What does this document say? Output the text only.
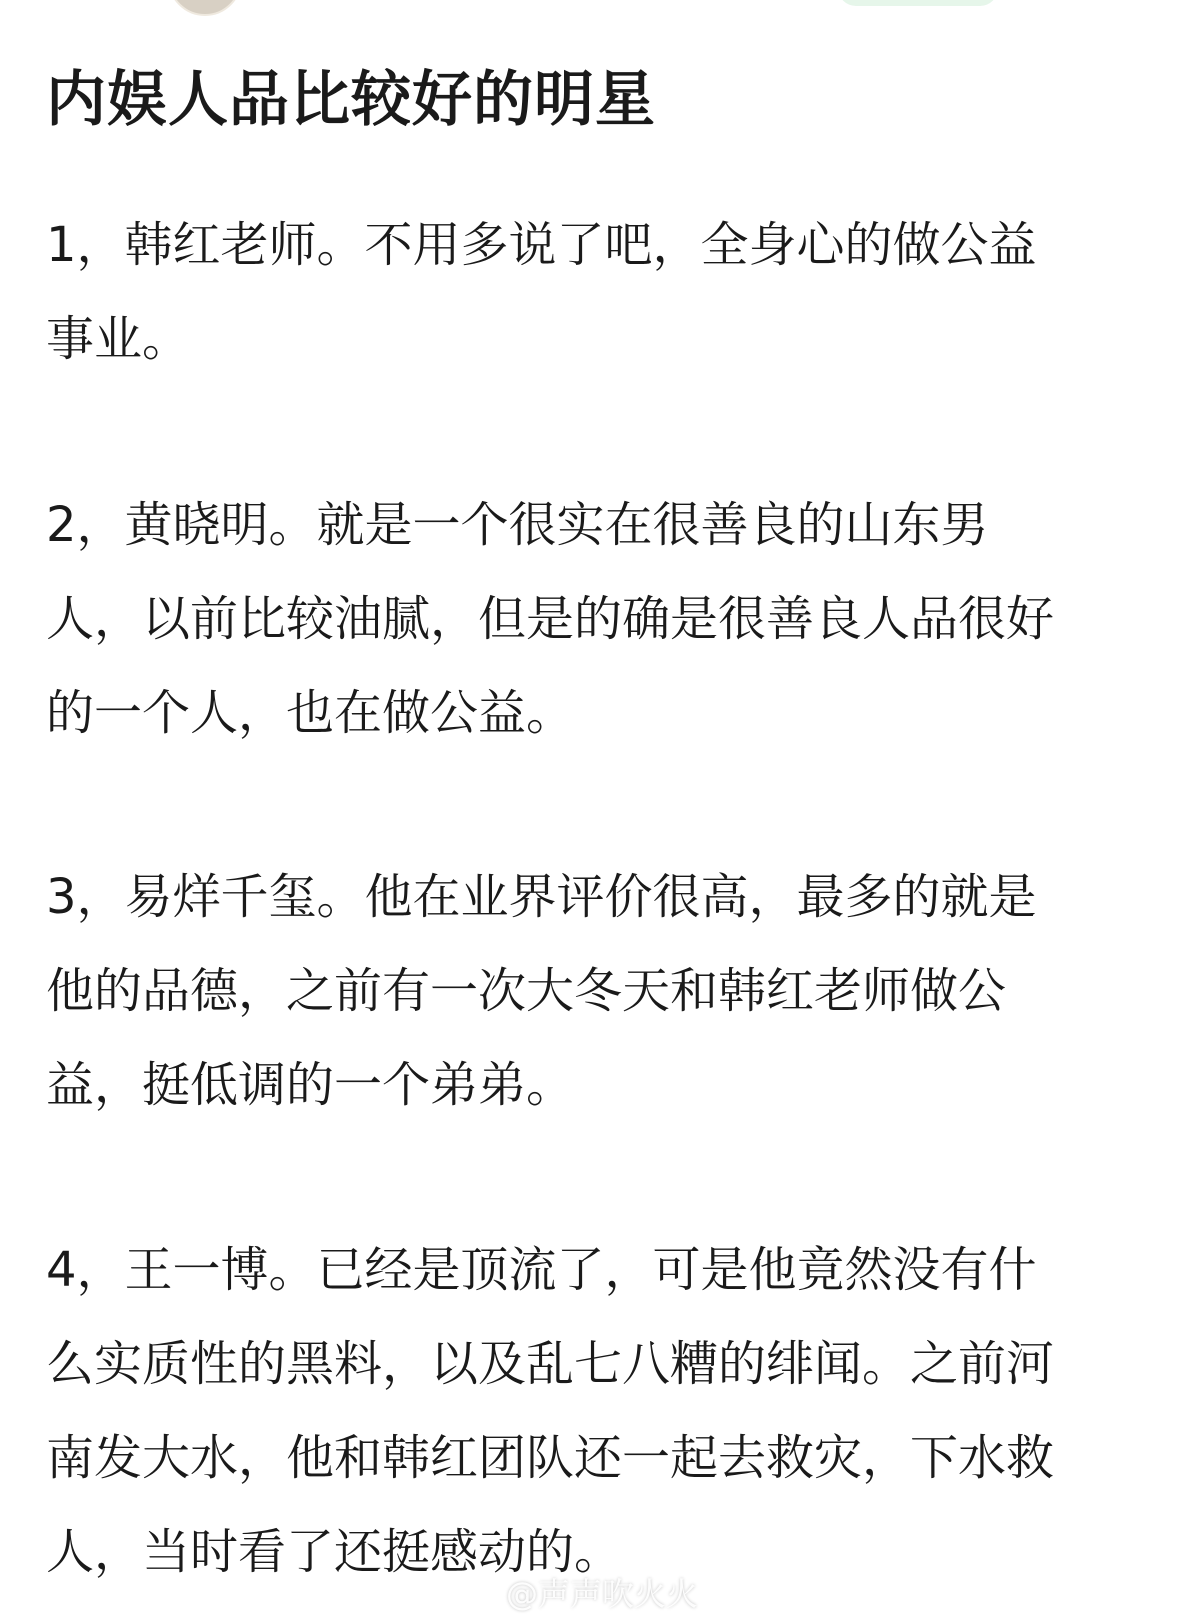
内娱人品比较好的明星
1，韩红老师。不用多说了吧，全身心的做公益
事业。
2，黄晓明。就是一个很实在很善良的山东男
人，以前比较油腻，但是的确是很善良人品很好
的一个人，也在做公益。
3，易烊千玺。他在业界评价很高，最多的就是
他的品德，之前有一次大冬天和韩红老师做公
益，挺低调的一个弟弟。
4，王一博。已经是顶流了，可是他竟然没有什
么实质性的黑料，以及乱七八糟的绯闻。之前河
南发大水，他和韩红团队还一起去救灾，下水救
人，当时看了还挺感动的。
@声声吹火火
